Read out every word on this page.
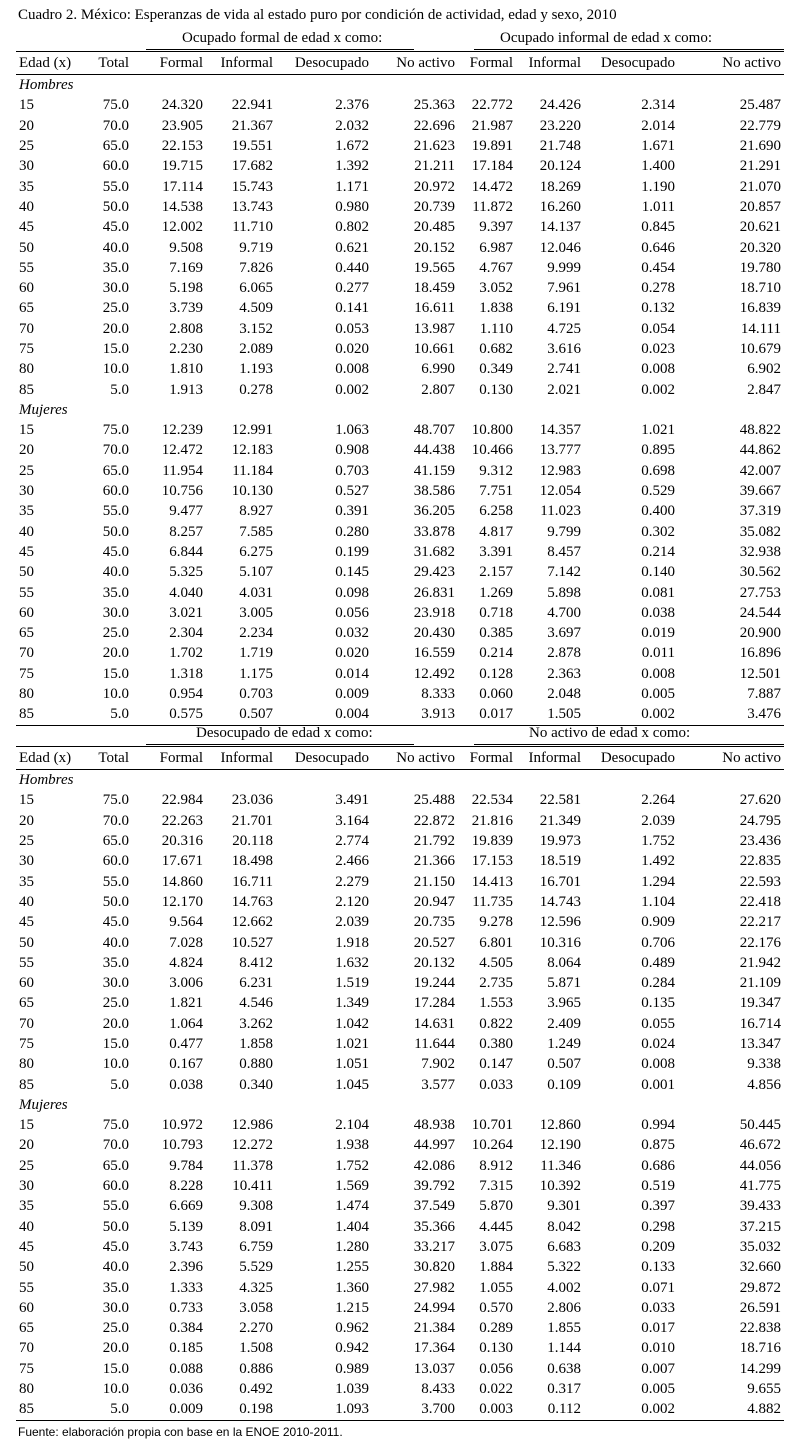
Cuadro 2. México: Esperanzas de vida al estado puro por condición de actividad, edad y sexo, 2010
Ocupado formal de edad x como:	Ocupado informal de edad x como:
Edad (x)	Total	Formal	Informal	Desocupado	No activo	Formal	Informal	Desocupado	No activo
Hombres									
15	75.0	24.320	22.941	2.376	25.363	22.772	24.426	2.314	25.487
20	70.0	23.905	21.367	2.032	22.696	21.987	23.220	2.014	22.779
25	65.0	22.153	19.551	1.672	21.623	19.891	21.748	1.671	21.690
30	60.0	19.715	17.682	1.392	21.211	17.184	20.124	1.400	21.291
35	55.0	17.114	15.743	1.171	20.972	14.472	18.269	1.190	21.070
40	50.0	14.538	13.743	0.980	20.739	11.872	16.260	1.011	20.857
45	45.0	12.002	11.710	0.802	20.485	9.397	14.137	0.845	20.621
50	40.0	9.508	9.719	0.621	20.152	6.987	12.046	0.646	20.320
55	35.0	7.169	7.826	0.440	19.565	4.767	9.999	0.454	19.780
60	30.0	5.198	6.065	0.277	18.459	3.052	7.961	0.278	18.710
65	25.0	3.739	4.509	0.141	16.611	1.838	6.191	0.132	16.839
70	20.0	2.808	3.152	0.053	13.987	1.110	4.725	0.054	14.111
75	15.0	2.230	2.089	0.020	10.661	0.682	3.616	0.023	10.679
80	10.0	1.810	1.193	0.008	6.990	0.349	2.741	0.008	6.902
85	5.0	1.913	0.278	0.002	2.807	0.130	2.021	0.002	2.847
Mujeres									
15	75.0	12.239	12.991	1.063	48.707	10.800	14.357	1.021	48.822
20	70.0	12.472	12.183	0.908	44.438	10.466	13.777	0.895	44.862
25	65.0	11.954	11.184	0.703	41.159	9.312	12.983	0.698	42.007
30	60.0	10.756	10.130	0.527	38.586	7.751	12.054	0.529	39.667
35	55.0	9.477	8.927	0.391	36.205	6.258	11.023	0.400	37.319
40	50.0	8.257	7.585	0.280	33.878	4.817	9.799	0.302	35.082
45	45.0	6.844	6.275	0.199	31.682	3.391	8.457	0.214	32.938
50	40.0	5.325	5.107	0.145	29.423	2.157	7.142	0.140	30.562
55	35.0	4.040	4.031	0.098	26.831	1.269	5.898	0.081	27.753
60	30.0	3.021	3.005	0.056	23.918	0.718	4.700	0.038	24.544
65	25.0	2.304	2.234	0.032	20.430	0.385	3.697	0.019	20.900
70	20.0	1.702	1.719	0.020	16.559	0.214	2.878	0.011	16.896
75	15.0	1.318	1.175	0.014	12.492	0.128	2.363	0.008	12.501
80	10.0	0.954	0.703	0.009	8.333	0.060	2.048	0.005	7.887
85	5.0	0.575	0.507	0.004	3.913	0.017	1.505	0.002	3.476
Desocupado de edad x como:	No activo de edad x como:
Edad (x)	Total	Formal	Informal	Desocupado	No activo	Formal	Informal	Desocupado	No activo
Hombres									
15	75.0	22.984	23.036	3.491	25.488	22.534	22.581	2.264	27.620
20	70.0	22.263	21.701	3.164	22.872	21.816	21.349	2.039	24.795
25	65.0	20.316	20.118	2.774	21.792	19.839	19.973	1.752	23.436
30	60.0	17.671	18.498	2.466	21.366	17.153	18.519	1.492	22.835
35	55.0	14.860	16.711	2.279	21.150	14.413	16.701	1.294	22.593
40	50.0	12.170	14.763	2.120	20.947	11.735	14.743	1.104	22.418
45	45.0	9.564	12.662	2.039	20.735	9.278	12.596	0.909	22.217
50	40.0	7.028	10.527	1.918	20.527	6.801	10.316	0.706	22.176
55	35.0	4.824	8.412	1.632	20.132	4.505	8.064	0.489	21.942
60	30.0	3.006	6.231	1.519	19.244	2.735	5.871	0.284	21.109
65	25.0	1.821	4.546	1.349	17.284	1.553	3.965	0.135	19.347
70	20.0	1.064	3.262	1.042	14.631	0.822	2.409	0.055	16.714
75	15.0	0.477	1.858	1.021	11.644	0.380	1.249	0.024	13.347
80	10.0	0.167	0.880	1.051	7.902	0.147	0.507	0.008	9.338
85	5.0	0.038	0.340	1.045	3.577	0.033	0.109	0.001	4.856
Mujeres									
15	75.0	10.972	12.986	2.104	48.938	10.701	12.860	0.994	50.445
20	70.0	10.793	12.272	1.938	44.997	10.264	12.190	0.875	46.672
25	65.0	9.784	11.378	1.752	42.086	8.912	11.346	0.686	44.056
30	60.0	8.228	10.411	1.569	39.792	7.315	10.392	0.519	41.775
35	55.0	6.669	9.308	1.474	37.549	5.870	9.301	0.397	39.433
40	50.0	5.139	8.091	1.404	35.366	4.445	8.042	0.298	37.215
45	45.0	3.743	6.759	1.280	33.217	3.075	6.683	0.209	35.032
50	40.0	2.396	5.529	1.255	30.820	1.884	5.322	0.133	32.660
55	35.0	1.333	4.325	1.360	27.982	1.055	4.002	0.071	29.872
60	30.0	0.733	3.058	1.215	24.994	0.570	2.806	0.033	26.591
65	25.0	0.384	2.270	0.962	21.384	0.289	1.855	0.017	22.838
70	20.0	0.185	1.508	0.942	17.364	0.130	1.144	0.010	18.716
75	15.0	0.088	0.886	0.989	13.037	0.056	0.638	0.007	14.299
80	10.0	0.036	0.492	1.039	8.433	0.022	0.317	0.005	9.655
85	5.0	0.009	0.198	1.093	3.700	0.003	0.112	0.002	4.882
Fuente: elaboración propia con base en la ENOE 2010-2011.
